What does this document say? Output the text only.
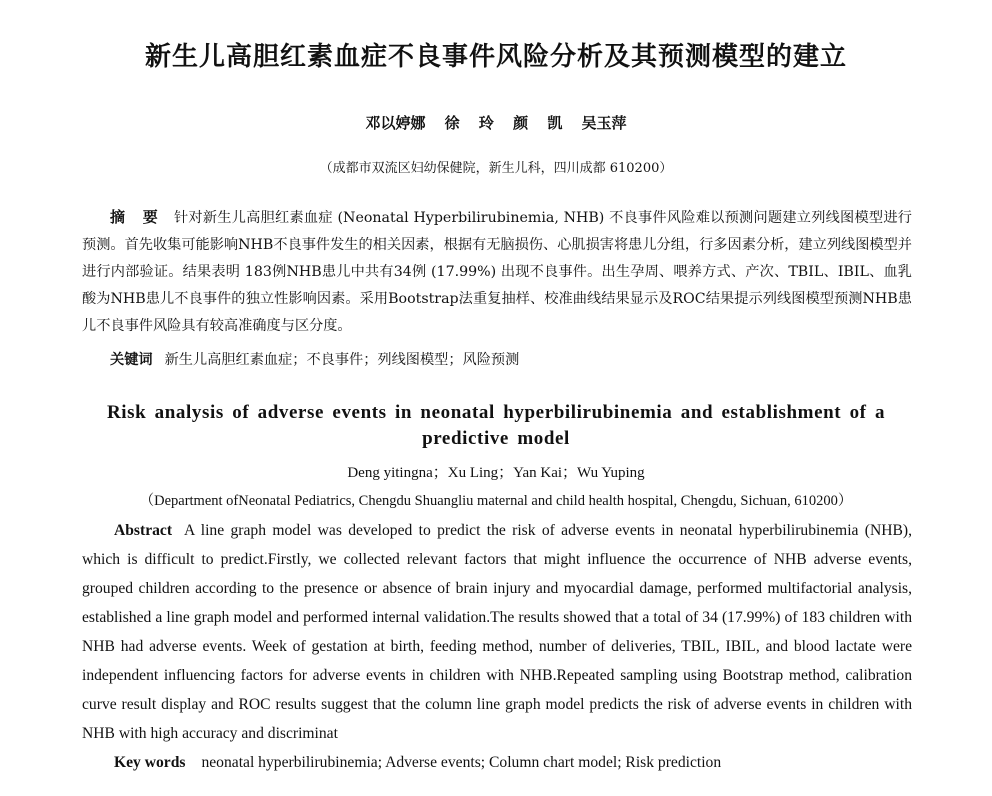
新生儿高胆红素血症不良事件风险分析及其预测模型的建立
邓以婷娜 徐 玲 颜 凯 吴玉萍
（成都市双流区妇幼保健院，新生儿科，四川成都 610200）
摘 要 针对新生儿高胆红素血症 (Neonatal Hyperbilirubinemia, NHB) 不良事件风险难以预测问题建立列线图模型进行预测。首先收集可能影响NHB不良事件发生的相关因素，根据有无脑损伤、心肌损害将患儿分组，行多因素分析，建立列线图模型并进行内部验证。结果表明 183例NHB患儿中共有34例 (17.99%) 出现不良事件。出生孕周、喂养方式、产次、TBIL、IBIL、血乳酸为NHB患儿不良事件的独立性影响因素。采用Bootstrap法重复抽样、校准曲线结果显示及ROC结果提示列线图模型预测NHB患儿不良事件风险具有较高准确度与区分度。
关键词 新生儿高胆红素血症；不良事件；列线图模型；风险预测
Risk analysis of adverse events in neonatal hyperbilirubinemia and establishment of a predictive model
Deng yitingna；Xu Ling；Yan Kai；Wu Yuping
（Department ofNeonatal Pediatrics, Chengdu Shuangliu maternal and child health hospital, Chengdu, Sichuan, 610200）
Abstract A line graph model was developed to predict the risk of adverse events in neonatal hyperbilirubinemia (NHB), which is difficult to predict.Firstly, we collected relevant factors that might influence the occurrence of NHB adverse events, grouped children according to the presence or absence of brain injury and myocardial damage, performed multifactorial analysis, established a line graph model and performed internal validation.The results showed that a total of 34 (17.99%) of 183 children with NHB had adverse events. Week of gestation at birth, feeding method, number of deliveries, TBIL, IBIL, and blood lactate were independent influencing factors for adverse events in children with NHB.Repeated sampling using Bootstrap method, calibration curve result display and ROC results suggest that the column line graph model predicts the risk of adverse events in children with NHB with high accuracy and discriminat
Key words neonatal hyperbilirubinemia; Adverse events; Column chart model; Risk prediction
